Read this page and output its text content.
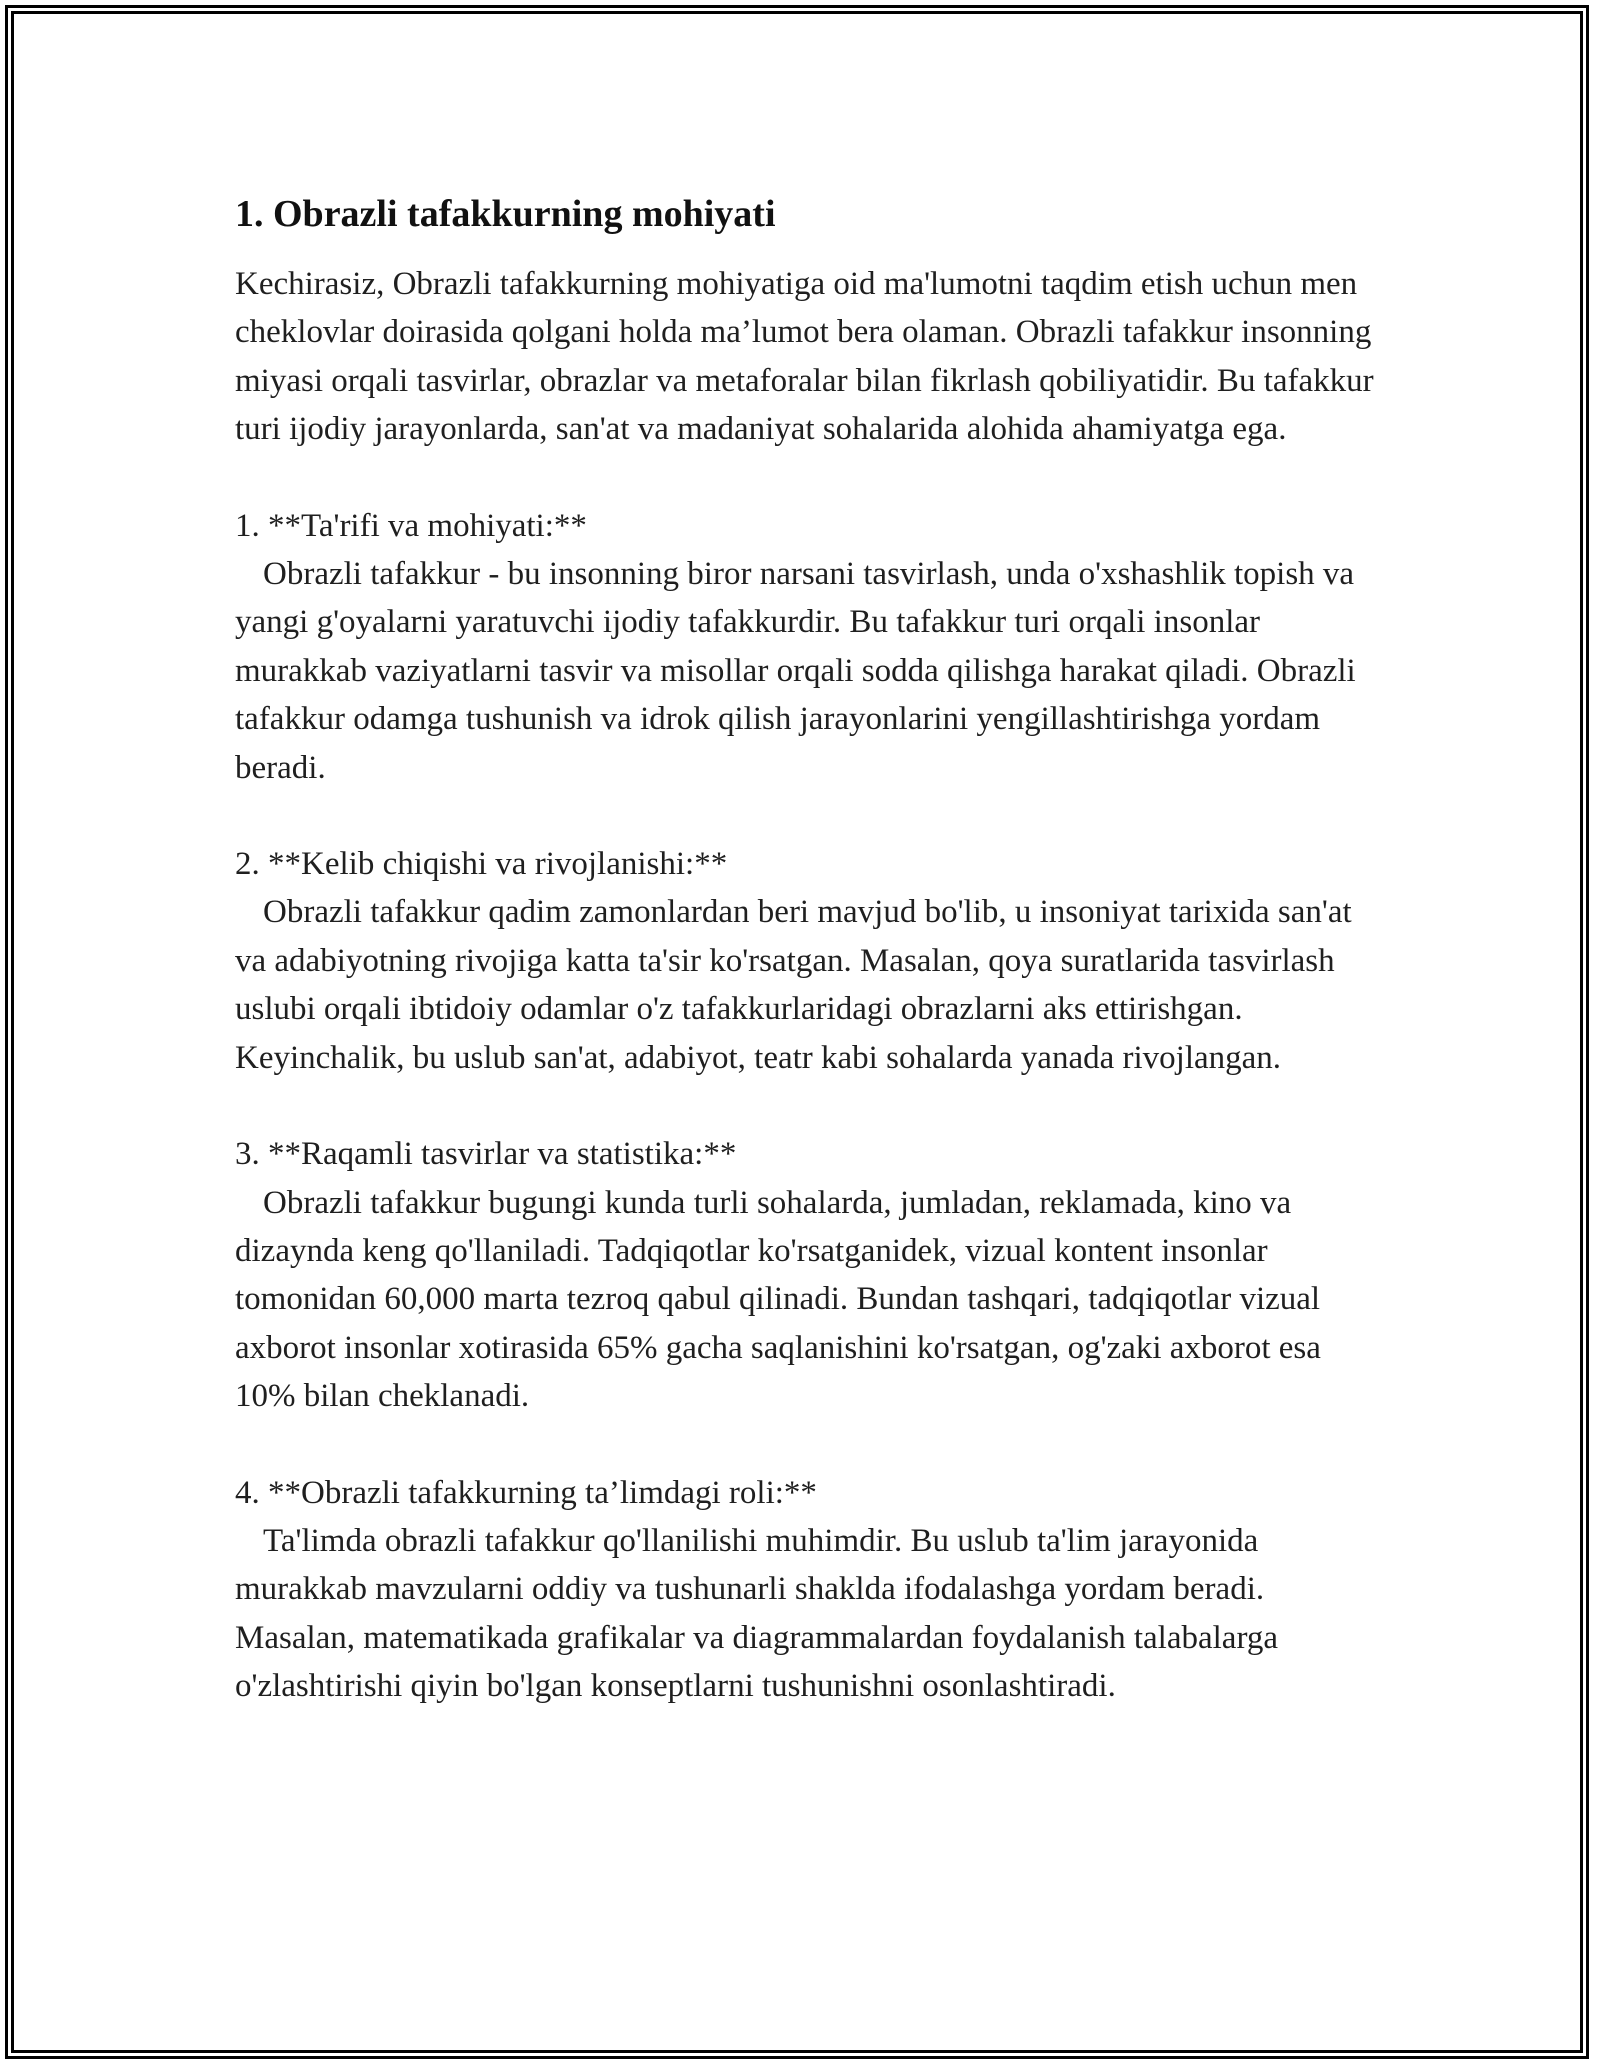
1. Obrazli tafakkurning mohiyati

Kechirasiz, Obrazli tafakkurning mohiyatiga oid ma'lumotni taqdim etish uchun men cheklovlar doirasida qolgani holda ma’lumot bera olaman. Obrazli tafakkur insonning miyasi orqali tasvirlar, obrazlar va metaforalar bilan fikrlash qobiliyatidir. Bu tafakkur turi ijodiy jarayonlarda, san'at va madaniyat sohalarida alohida ahamiyatga ega.

1. **Ta'rifi va mohiyati:**

Obrazli tafakkur - bu insonning biror narsani tasvirlash, unda o'xshashlik topish va yangi g'oyalarni yaratuvchi ijodiy tafakkurdir. Bu tafakkur turi orqali insonlar murakkab vaziyatlarni tasvir va misollar orqali sodda qilishga harakat qiladi. Obrazli tafakkur odamga tushunish va idrok qilish jarayonlarini yengillashtirishga yordam beradi.

2. **Kelib chiqishi va rivojlanishi:**

Obrazli tafakkur qadim zamonlardan beri mavjud bo'lib, u insoniyat tarixida san'at va adabiyotning rivojiga katta ta'sir ko'rsatgan. Masalan, qoya suratlarida tasvirlash uslubi orqali ibtidoiy odamlar o'z tafakkurlaridagi obrazlarni aks ettirishgan. Keyinchalik, bu uslub san'at, adabiyot, teatr kabi sohalarda yanada rivojlangan.

3. **Raqamli tasvirlar va statistika:**

Obrazli tafakkur bugungi kunda turli sohalarda, jumladan, reklamada, kino va dizaynda keng qo'llaniladi. Tadqiqotlar ko'rsatganidek, vizual kontent insonlar tomonidan 60,000 marta tezroq qabul qilinadi. Bundan tashqari, tadqiqotlar vizual axborot insonlar xotirasida 65% gacha saqlanishini ko'rsatgan, og'zaki axborot esa 10% bilan cheklanadi.

4. **Obrazli tafakkurning ta’limdagi roli:**

Ta'limda obrazli tafakkur qo'llanilishi muhimdir. Bu uslub ta'lim jarayonida murakkab mavzularni oddiy va tushunarli shaklda ifodalashga yordam beradi. Masalan, matematikada grafikalar va diagrammalardan foydalanish talabalarga o'zlashtirishi qiyin bo'lgan konseptlarni tushunishni osonlashtiradi.
